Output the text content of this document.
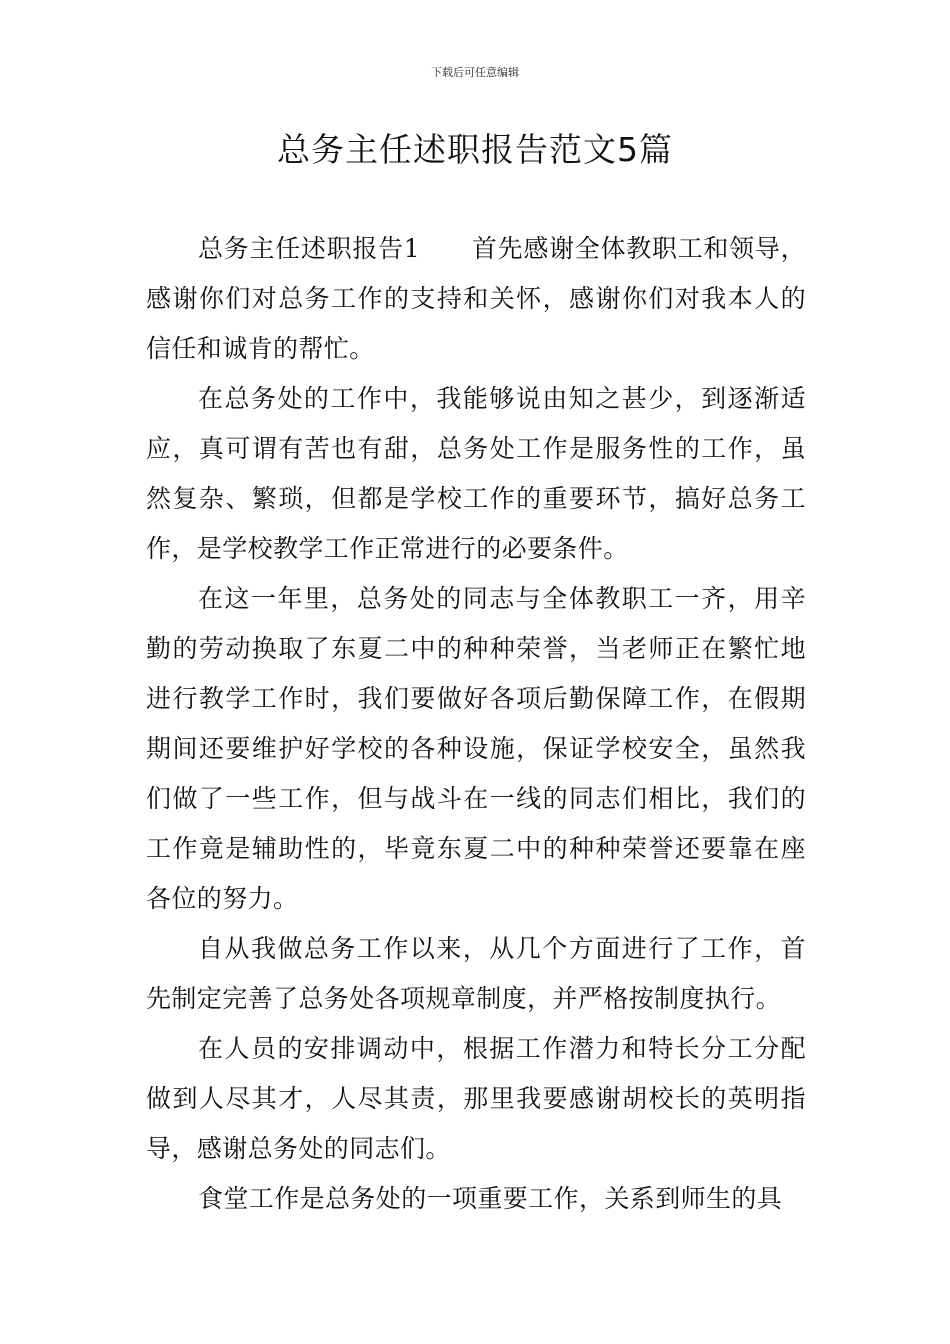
下载后可任意编辑
总务主任述职报告范文5篇

总务主任述职报告1　　首先感谢全体教职工和领导，感谢你们对总务工作的支持和关怀，感谢你们对我本人的信任和诚肯的帮忙。

在总务处的工作中，我能够说由知之甚少，到逐渐适应，真可谓有苦也有甜，总务处工作是服务性的工作，虽然复杂、繁琐，但都是学校工作的重要环节，搞好总务工作，是学校教学工作正常进行的必要条件。

在这一年里，总务处的同志与全体教职工一齐，用辛勤的劳动换取了东夏二中的种种荣誉，当老师正在繁忙地进行教学工作时，我们要做好各项后勤保障工作，在假期期间还要维护好学校的各种设施，保证学校安全，虽然我们做了一些工作，但与战斗在一线的同志们相比，我们的工作竟是辅助性的，毕竟东夏二中的种种荣誉还要靠在座各位的努力。

自从我做总务工作以来，从几个方面进行了工作，首先制定完善了总务处各项规章制度，并严格按制度执行。

在人员的安排调动中，根据工作潜力和特长分工分配做到人尽其才，人尽其责，那里我要感谢胡校长的英明指导，感谢总务处的同志们。

食堂工作是总务处的一项重要工作，关系到师生的具
